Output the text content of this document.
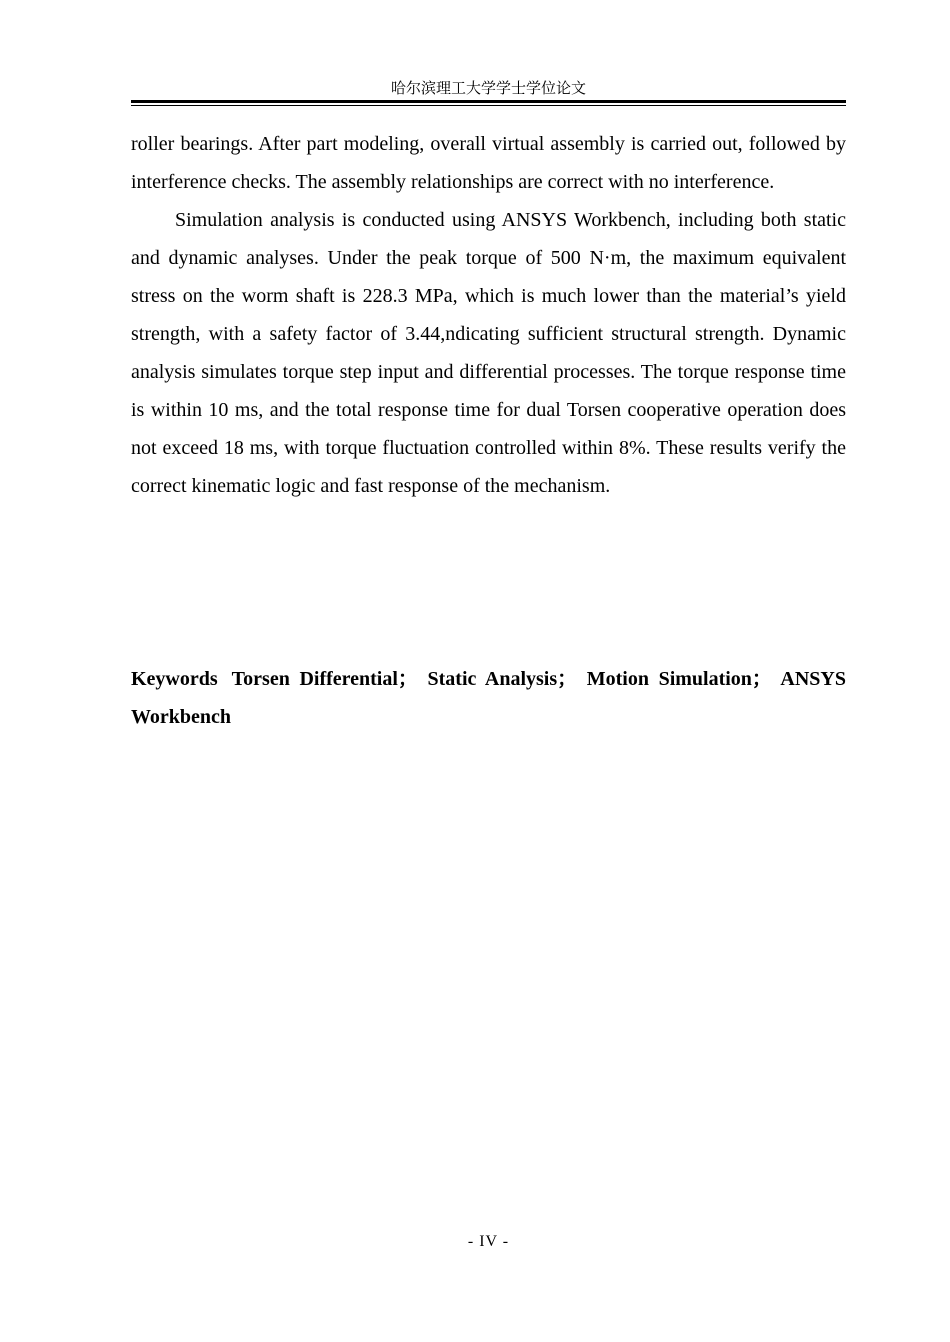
哈尔滨理工大学学士学位论文

roller bearings. After part modeling, overall virtual assembly is carried out, followed by interference checks. The assembly relationships are correct with no interference.

Simulation analysis is conducted using ANSYS Workbench, including both static and dynamic analyses. Under the peak torque of 500 N·m, the maximum equivalent stress on the worm shaft is 228.3 MPa, which is much lower than the material’s yield strength, with a safety factor of 3.44,ndicating sufficient structural strength. Dynamic analysis simulates torque step input and differential processes. The torque response time is within 10 ms, and the total response time for dual Torsen cooperative operation does not exceed 18 ms, with torque fluctuation controlled within 8%. These results verify the correct kinematic logic and fast response of the mechanism.

Keywords Torsen Differential； Static Analysis； Motion Simulation； ANSYS Workbench
- IV -
